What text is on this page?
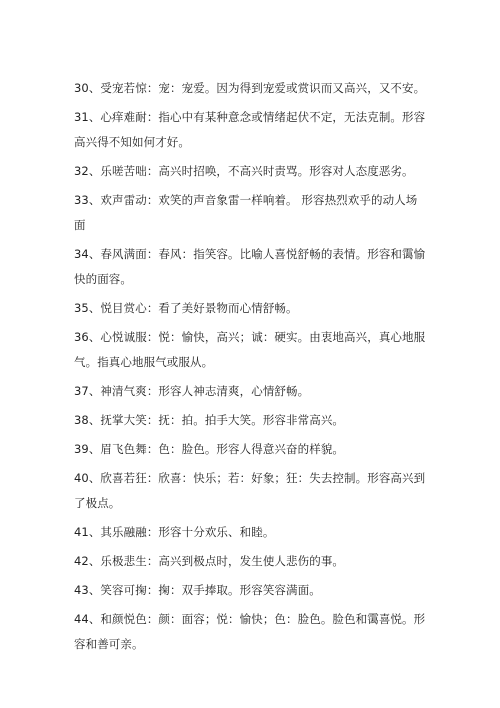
30、受宠若惊：宠：宠爱。因为得到宠爱或赏识而又高兴，又不安。

31、心痒难耐：指心中有某种意念或情绪起伏不定，无法克制。形容高兴得不知如何才好。

32、乐嗟苦咄：高兴时招唤，不高兴时责骂。形容对人态度恶劣。

33、欢声雷动：欢笑的声音象雷一样响着。 形容热烈欢乎的动人场面

34、春风满面：春风：指笑容。比喻人喜悦舒畅的表情。形容和霭愉快的面容。

35、悦目赏心：看了美好景物而心情舒畅。

36、心悦诚服：悦：愉快，高兴；诚：硬实。由衷地高兴，真心地服气。指真心地服气或服从。

37、神清气爽：形容人神志清爽，心情舒畅。

38、抚掌大笑：抚：拍。拍手大笑。形容非常高兴。

39、眉飞色舞：色：脸色。形容人得意兴奋的样貌。

40、欣喜若狂：欣喜：快乐；若：好象；狂：失去控制。形容高兴到了极点。

41、其乐融融：形容十分欢乐、和睦。

42、乐极悲生：高兴到极点时，发生使人悲伤的事。

43、笑容可掬：掬：双手捧取。形容笑容满面。

44、和颜悦色：颜：面容；悦：愉快；色：脸色。脸色和霭喜悦。形容和善可亲。
